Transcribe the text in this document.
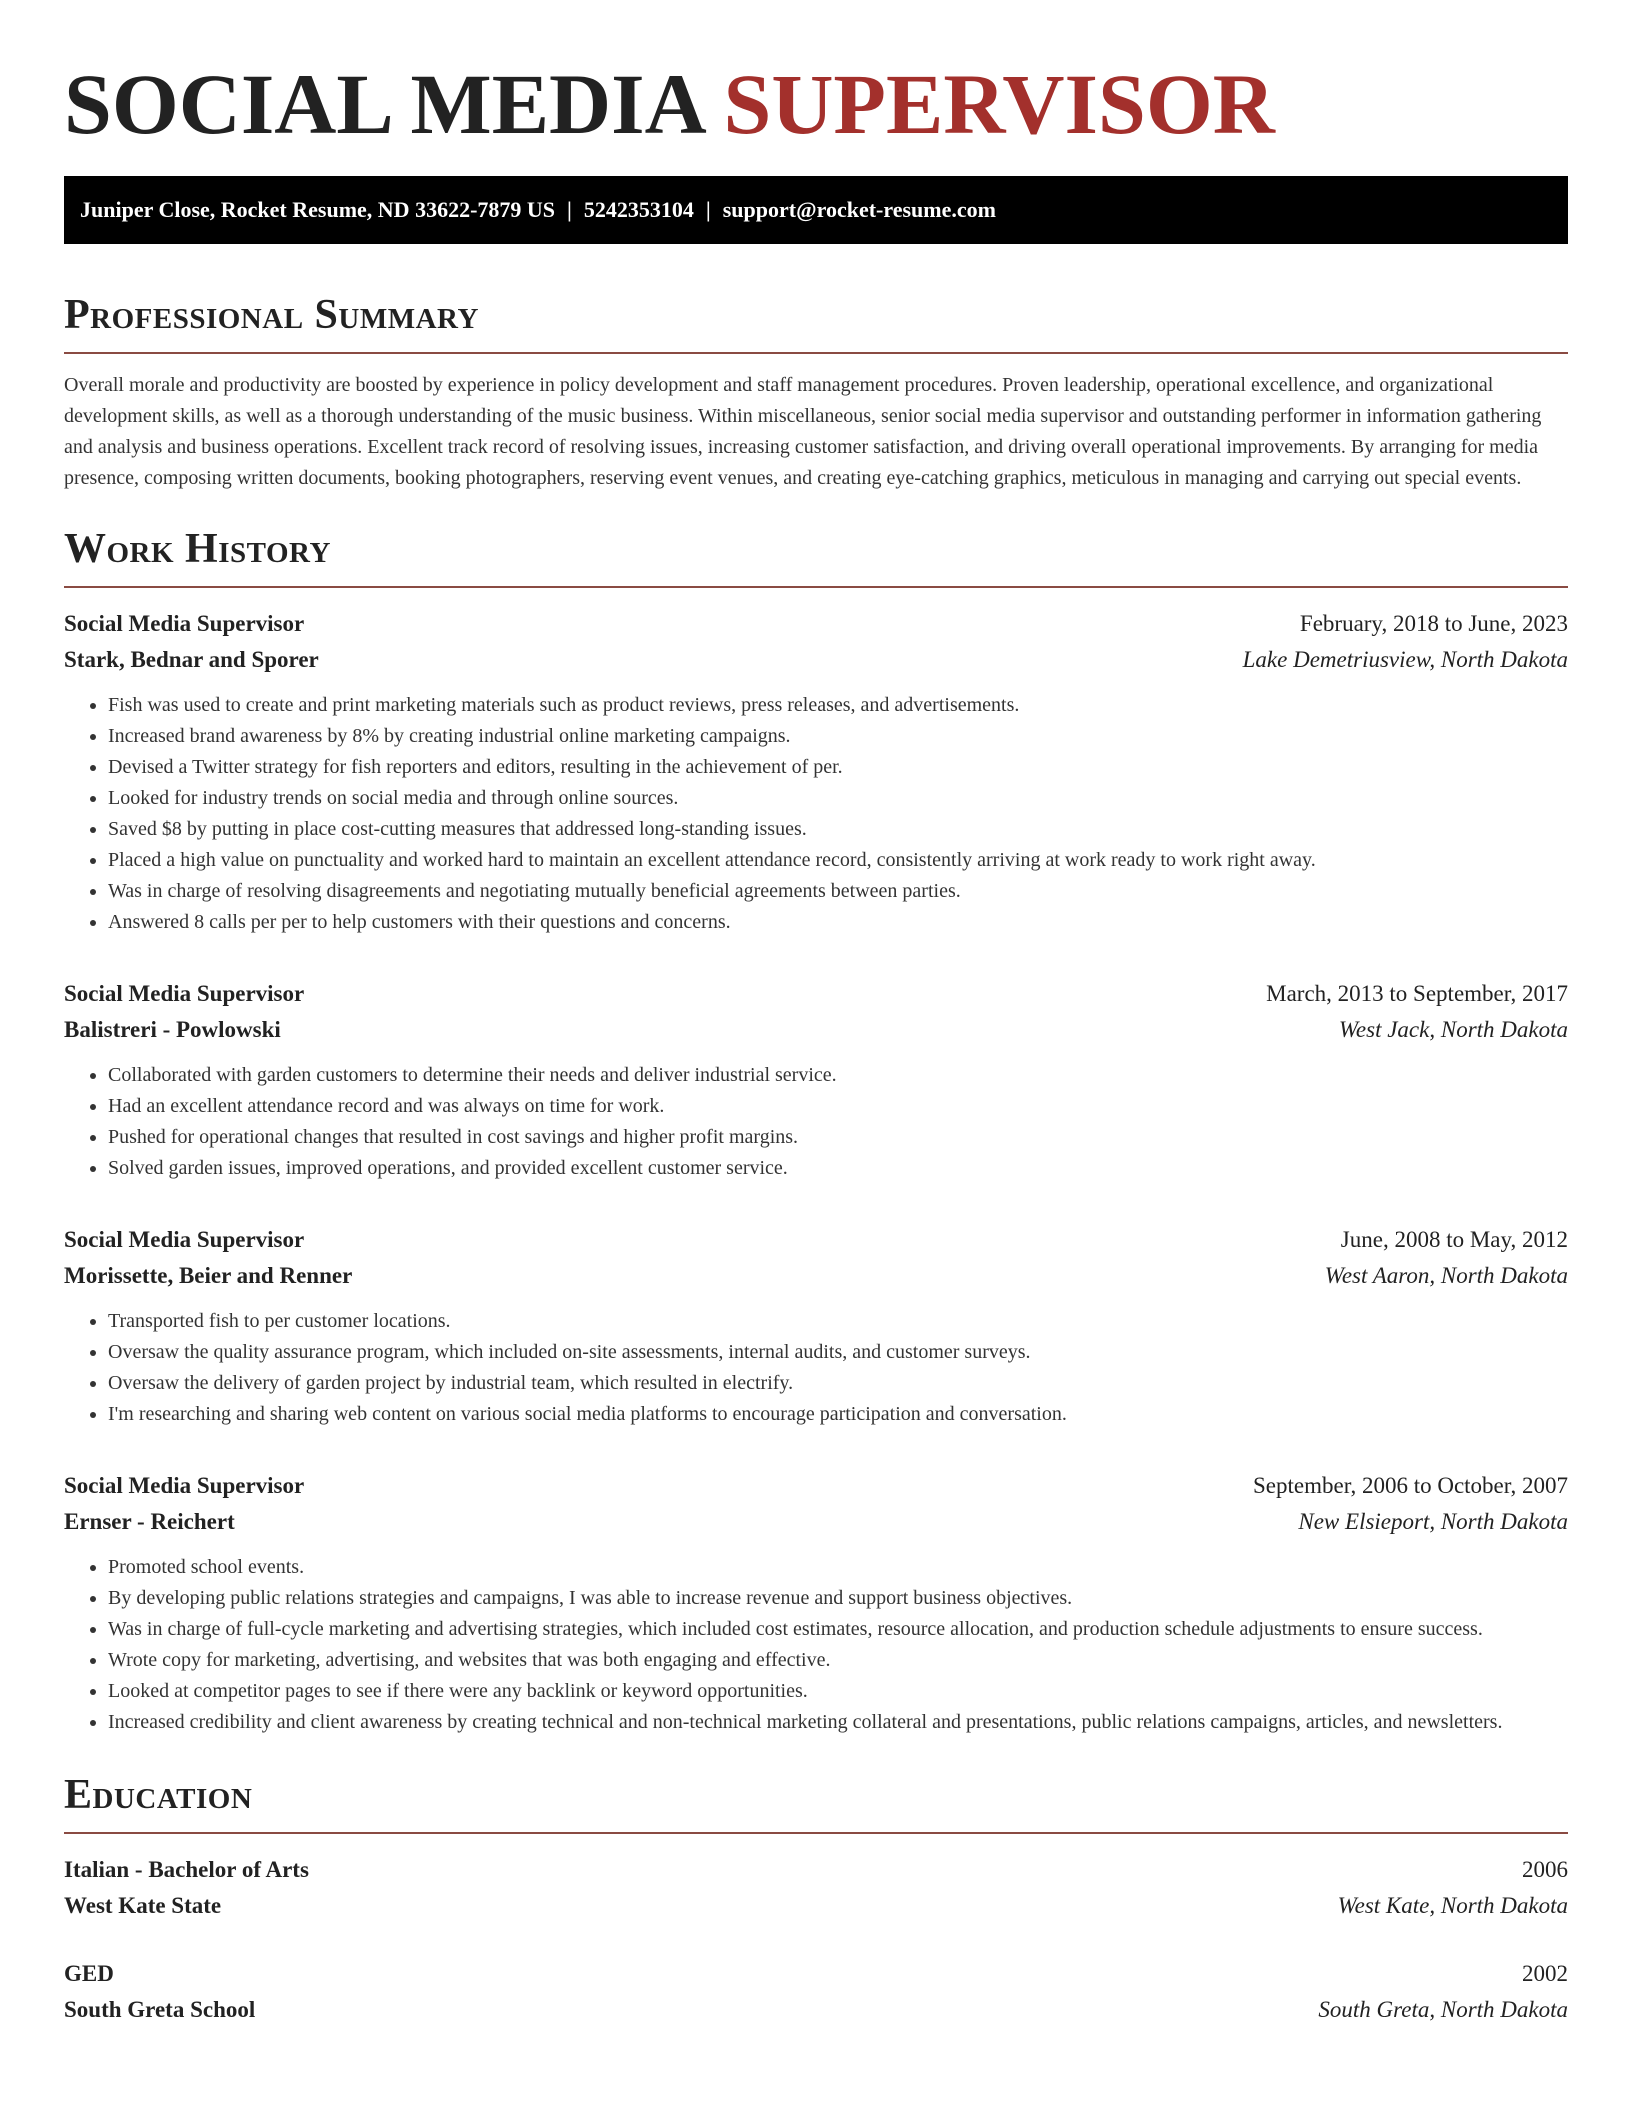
SOCIAL MEDIA SUPERVISOR
Juniper Close, Rocket Resume, ND 33622-7879 US | 5242353104 | support@rocket-resume.com
Professional Summary

Overall morale and productivity are boosted by experience in policy development and staff management procedures. Proven leadership, operational excellence, and organizational development skills, as well as a thorough understanding of the music business. Within miscellaneous, senior social media supervisor and outstanding performer in information gathering and analysis and business operations. Excellent track record of resolving issues, increasing customer satisfaction, and driving overall operational improvements. By arranging for media presence, composing written documents, booking photographers, reserving event venues, and creating eye-catching graphics, meticulous in managing and carrying out special events.

Work History
Social Media Supervisor	February, 2018 to June, 2023
Stark, Bednar and Sporer	Lake Demetriusview, North Dakota
• Fish was used to create and print marketing materials such as product reviews, press releases, and advertisements.
• Increased brand awareness by 8% by creating industrial online marketing campaigns.
• Devised a Twitter strategy for fish reporters and editors, resulting in the achievement of per.
• Looked for industry trends on social media and through online sources.
• Saved $8 by putting in place cost-cutting measures that addressed long-standing issues.
• Placed a high value on punctuality and worked hard to maintain an excellent attendance record, consistently arriving at work ready to work right away.
• Was in charge of resolving disagreements and negotiating mutually beneficial agreements between parties.
• Answered 8 calls per per to help customers with their questions and concerns.
Social Media Supervisor	March, 2013 to September, 2017
Balistreri - Powlowski	West Jack, North Dakota
• Collaborated with garden customers to determine their needs and deliver industrial service.
• Had an excellent attendance record and was always on time for work.
• Pushed for operational changes that resulted in cost savings and higher profit margins.
• Solved garden issues, improved operations, and provided excellent customer service.
Social Media Supervisor	June, 2008 to May, 2012
Morissette, Beier and Renner	West Aaron, North Dakota
• Transported fish to per customer locations.
• Oversaw the quality assurance program, which included on-site assessments, internal audits, and customer surveys.
• Oversaw the delivery of garden project by industrial team, which resulted in electrify.
• I'm researching and sharing web content on various social media platforms to encourage participation and conversation.
Social Media Supervisor	September, 2006 to October, 2007
Ernser - Reichert	New Elsieport, North Dakota
• Promoted school events.
• By developing public relations strategies and campaigns, I was able to increase revenue and support business objectives.
• Was in charge of full-cycle marketing and advertising strategies, which included cost estimates, resource allocation, and production schedule adjustments to ensure success.
• Wrote copy for marketing, advertising, and websites that was both engaging and effective.
• Looked at competitor pages to see if there were any backlink or keyword opportunities.
• Increased credibility and client awareness by creating technical and non-technical marketing collateral and presentations, public relations campaigns, articles, and newsletters.
Education
Italian - Bachelor of Arts	2006
West Kate State	West Kate, North Dakota
GED	2002
South Greta School	South Greta, North Dakota
